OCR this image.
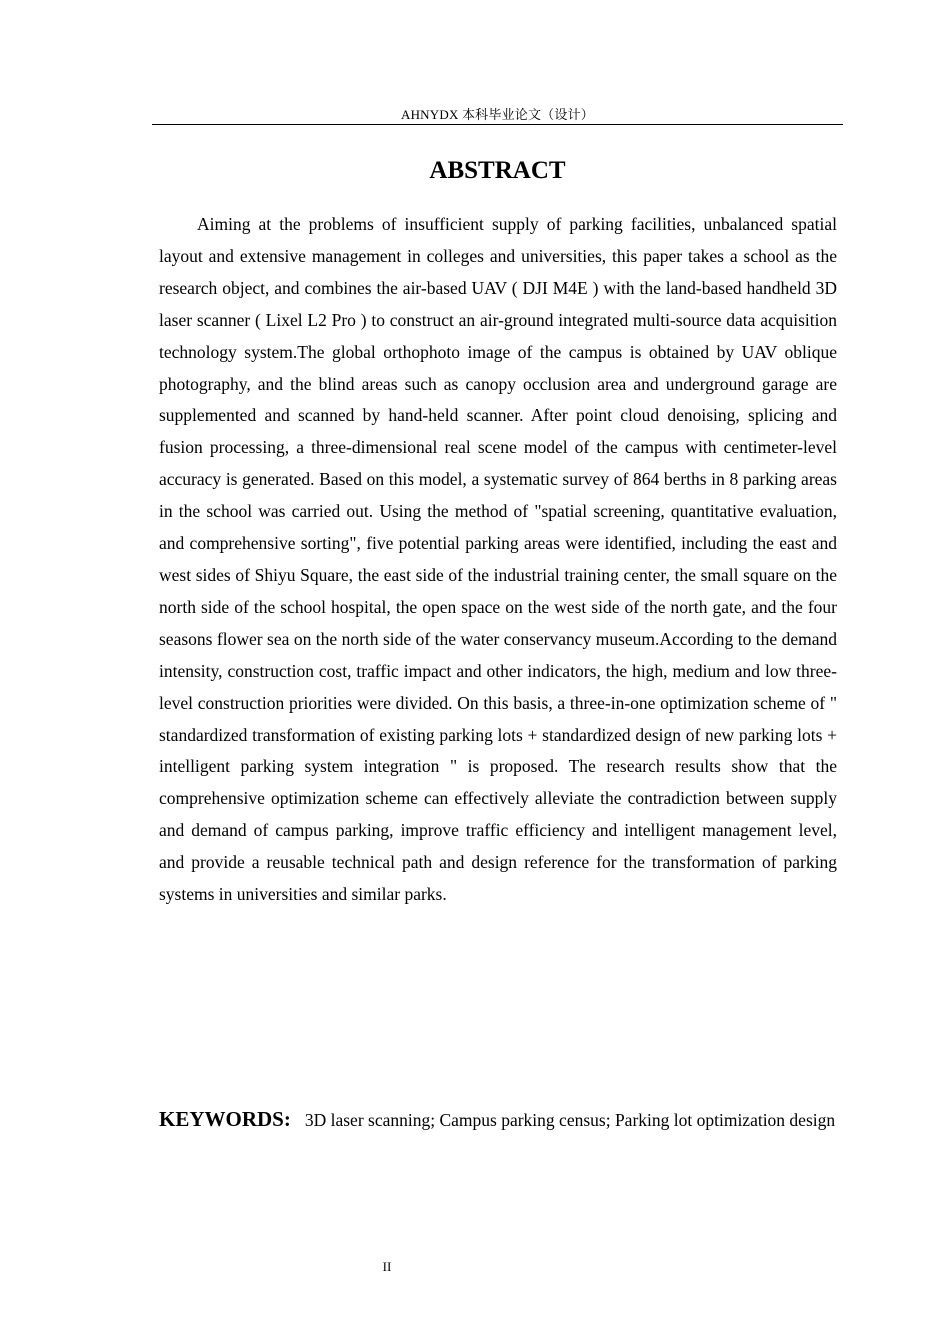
AHNYDX 本科毕业论文（设计）
ABSTRACT

Aiming at the problems of insufficient supply of parking facilities, unbalanced spatial layout and extensive management in colleges and universities, this paper takes a school as the research object, and combines the air-based UAV ( DJI M4E ) with the land-based handheld 3D laser scanner ( Lixel L2 Pro ) to construct an air-ground integrated multi-source data acquisition technology system.The global orthophoto image of the campus is obtained by UAV oblique photography, and the blind areas such as canopy occlusion area and underground garage are supplemented and scanned by hand-held scanner. After point cloud denoising, splicing and fusion processing, a three-dimensional real scene model of the campus with centimeter-level accuracy is generated. Based on this model, a systematic survey of 864 berths in 8 parking areas in the school was carried out. Using the method of "spatial screening, quantitative evaluation, and comprehensive sorting", five potential parking areas were identified, including the east and west sides of Shiyu Square, the east side of the industrial training center, the small square on the north side of the school hospital, the open space on the west side of the north gate, and the four seasons flower sea on the north side of the water conservancy museum.According to the demand intensity, construction cost, traffic impact and other indicators, the high, medium and low three-level construction priorities were divided. On this basis, a three-in-one optimization scheme of " standardized transformation of existing parking lots + standardized design of new parking lots + intelligent parking system integration " is proposed. The research results show that the comprehensive optimization scheme can effectively alleviate the contradiction between supply and demand of campus parking, improve traffic efficiency and intelligent management level, and provide a reusable technical path and design reference for the transformation of parking systems in universities and similar parks.

KEYWORDS: 3D laser scanning; Campus parking census; Parking lot optimization design

II
